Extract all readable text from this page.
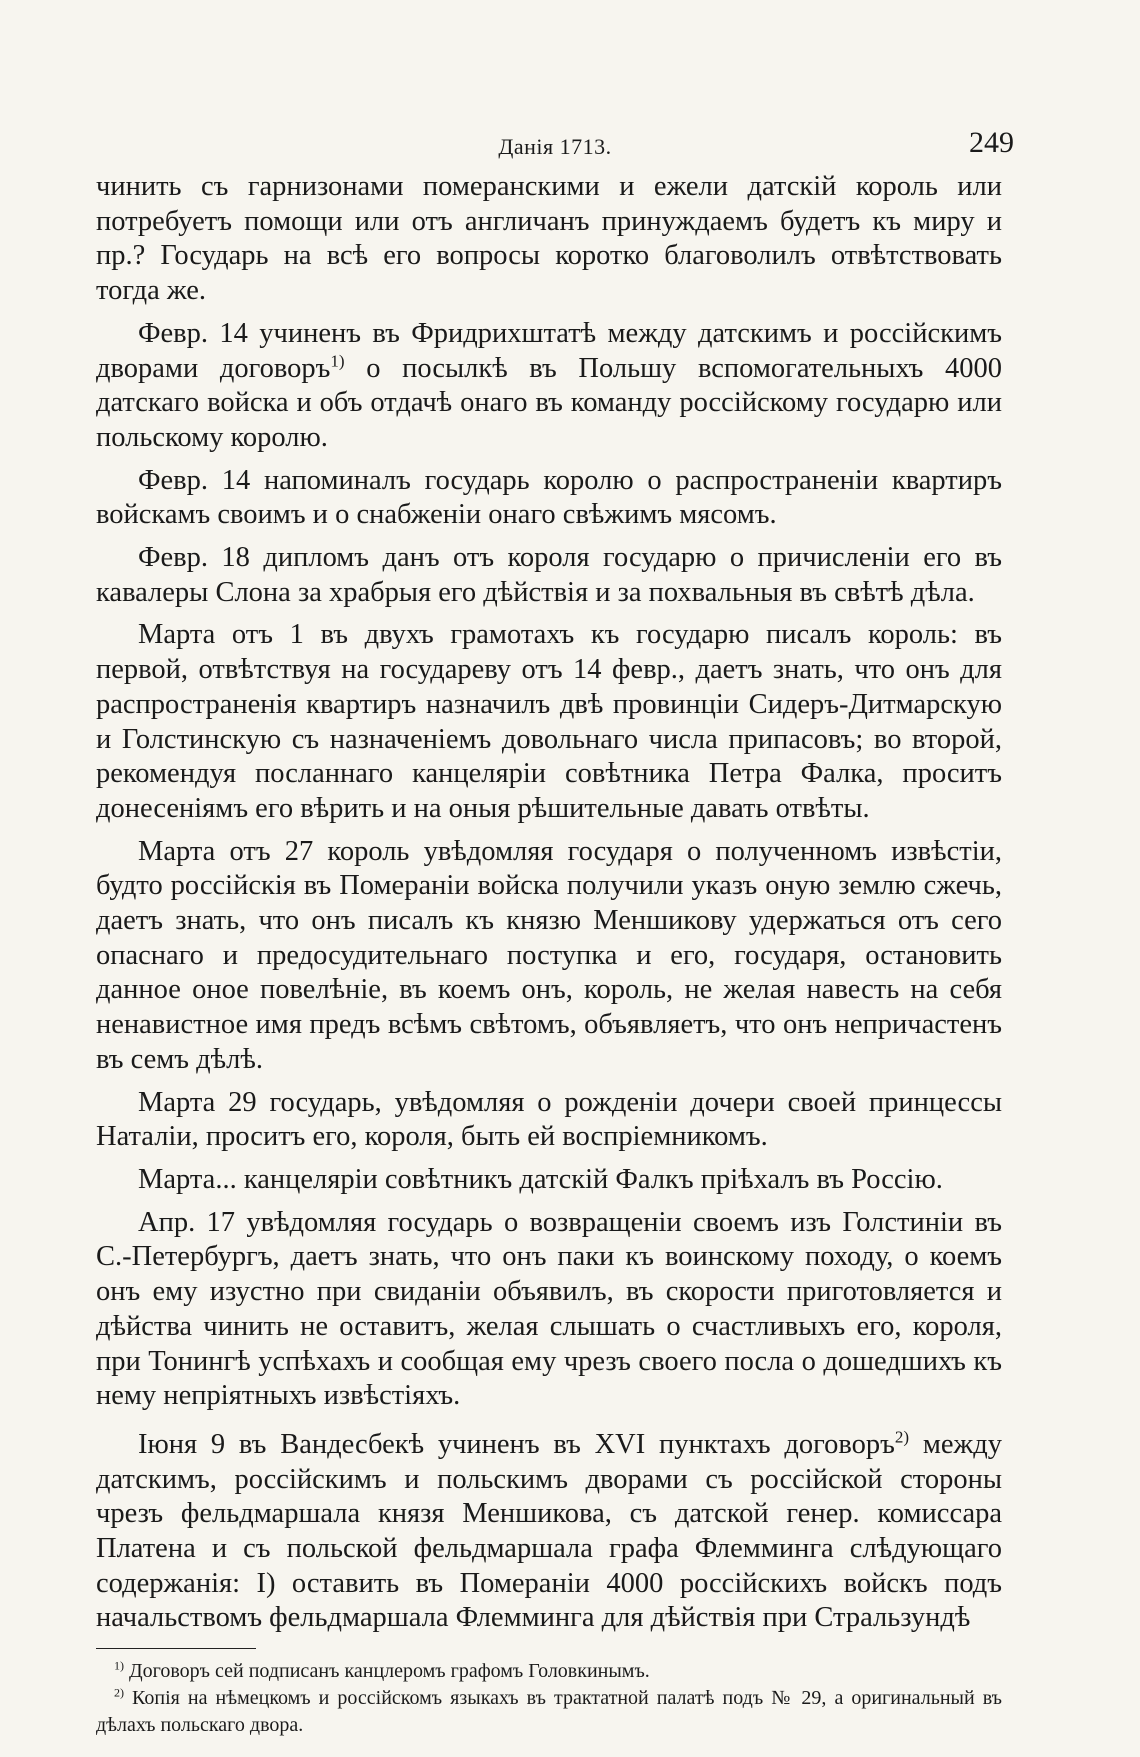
Данія 1713.	249

чинить съ гарнизонами померанскими и ежели датскій король или потребуетъ помощи или отъ англичанъ принуждаемъ будетъ къ миру и пр.? Государь на всѣ его вопросы коротко благоволилъ отвѣтствовать тогда же.

Февр. 14 учиненъ въ Фридрихштатѣ между датскимъ и россійскимъ дворами договоръ$^{1)}$ о посылкѣ въ Польшу вспомогательныхъ 4000 датскаго войска и объ отдачѣ онаго въ команду россійскому государю или польскому королю.

Февр. 14 напоминалъ государь королю о распространеніи квартиръ войскамъ своимъ и о снабженіи онаго свѣжимъ мясомъ.

Февр. 18 дипломъ данъ отъ короля государю о причисленіи его въ кавалеры Слона за храбрыя его дѣйствія и за похвальныя въ свѣтѣ дѣла.

Марта отъ 1 въ двухъ грамотахъ къ государю писалъ король: въ первой, отвѣтствуя на государеву отъ 14 февр., даетъ знать, что онъ для распространенія квартиръ назначилъ двѣ провинціи Сидеръ-Дитмарскую и Голстинскую съ назначеніемъ довольнаго числа припасовъ; во второй, рекомендуя посланнаго канцеляріи совѣтника Петра Фалка, проситъ донесеніямъ его вѣрить и на оныя рѣшительные давать отвѣты.

Марта отъ 27 король увѣдомляя государя о полученномъ извѣстіи, будто россійскія въ Помераніи войска получили указъ оную землю сжечь, даетъ знать, что онъ писалъ къ князю Меншикову удержаться отъ сего опаснаго и предосудительнаго поступка и его, государя, остановить данное оное повелѣніе, въ коемъ онъ, король, не желая навесть на себя ненавистное имя предъ всѣмъ свѣтомъ, объявляетъ, что онъ непричастенъ въ семъ дѣлѣ.

Марта 29 государь, увѣдомляя о рожденіи дочери своей принцессы Наталіи, проситъ его, короля, быть ей воспріемникомъ.

Марта... канцеляріи совѣтникъ датскій Фалкъ пріѣхалъ въ Россію.

Апр. 17 увѣдомляя государь о возвращеніи своемъ изъ Голстиніи въ С.-Петербургъ, даетъ знать, что онъ паки къ воинскому походу, о коемъ онъ ему изустно при свиданіи объявилъ, въ скорости приготовляется и дѣйства чинить не оставитъ, желая слышать о счастливыхъ его, короля, при Тонингѣ успѣхахъ и сообщая ему чрезъ своего посла о дошедшихъ къ нему непріятныхъ извѣстіяхъ.

Іюня 9 въ Вандесбекѣ учиненъ въ XVI пунктахъ договоръ$^{2)}$ между датскимъ, россійскимъ и польскимъ дворами съ россійской стороны чрезъ фельдмаршала князя Меншикова, съ датской генер. комиссара Платена и съ польской фельдмаршала графа Флемминга слѣдующаго содержанія: I) оставить въ Помераніи 4000 россійскихъ войскъ подъ начальствомъ фельдмаршала Флемминга для дѣйствія при Стральзундѣ

$^{1)}$ Договоръ сей подписанъ канцлеромъ графомъ Головкинымъ.

$^{2)}$ Копія на нѣмецкомъ и россійскомъ языкахъ въ трактатной палатѣ подъ № 29, а оригинальный въ дѣлахъ польскаго двора.
